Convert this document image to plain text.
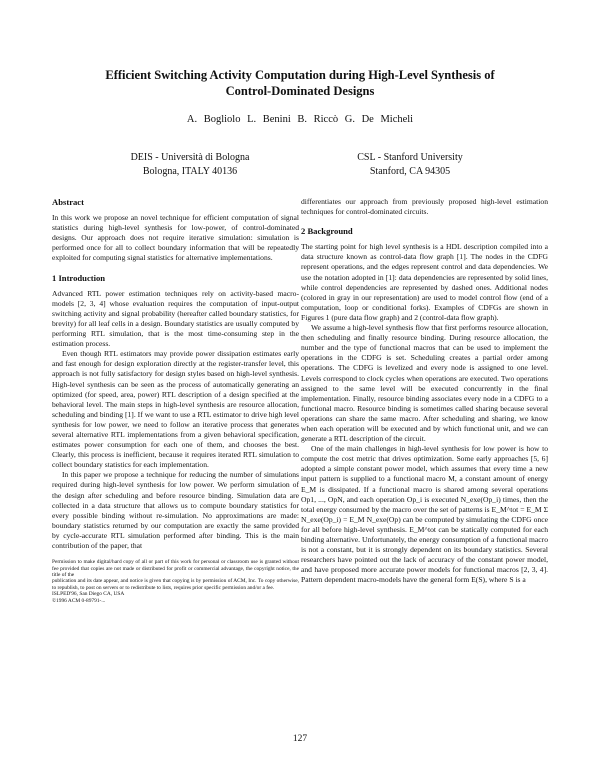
Efficient Switching Activity Computation during High-Level Synthesis of
Control-Dominated Designs
A. Bogliolo L. Benini B. Riccò G. De Micheli
DEIS - Università di Bologna
Bologna, ITALY 40136
CSL - Stanford University
Stanford, CA 94305
Abstract

In this work we propose an novel technique for efficient computation of signal statistics during high-level synthesis for low-power, of control-dominated designs. Our approach does not require iterative simulation: simulation is performed once for all to collect boundary information that will be repeatedly exploited for computing signal statistics for alternative implementations.

1 Introduction

Advanced RTL power estimation techniques rely on activity-based macro-models [2, 3, 4] whose evaluation requires the computation of input-output switching activity and signal probability (hereafter called boundary statistics, for brevity) for all leaf cells in a design. Boundary statistics are usually computed by performing RTL simulation, that is the most time-consuming step in the estimation process.

Even though RTL estimators may provide power dissipation estimates early and fast enough for design exploration directly at the register-transfer level, this approach is not fully satisfactory for design styles based on high-level synthesis. High-level synthesis can be seen as the process of automatically generating an optimized (for speed, area, power) RTL description of a design specified at the behavioral level. The main steps in high-level synthesis are resource allocation, scheduling and binding [1]. If we want to use a RTL estimator to drive high level synthesis for low power, we need to follow an iterative process that generates several alternative RTL implementations from a given behavioral specification, estimates power consumption for each one of them, and chooses the best. Clearly, this process is inefficient, because it requires iterated RTL simulation to collect boundary statistics for each implementation.

In this paper we propose a technique for reducing the number of simulations required during high-level synthesis for low power. We perform simulation of the design after scheduling and before resource binding. Simulation data are collected in a data structure that allows us to compute boundary statistics for every possible binding without re-simulation. No approximations are made: boundary statistics returned by our computation are exactly the same provided by cycle-accurate RTL simulation performed after binding. This is the main contribution of the paper, that

Permission to make digital/hard copy of all or part of this work for personal or classroom use is granted without fee provided that copies are not made or distributed for profit or commercial advantage, the copyright notice, the title of the
publication and its date appear, and notice is given that copying is by permission of ACM, Inc. To copy otherwise, to republish, to post on servers or to redistribute to lists, requires prior specific permission and/or a fee.
ISLPED'96, San Diego CA, USA
©1996 ACM 0-89791-...

differentiates our approach from previously proposed high-level estimation techniques for control-dominated circuits.

2 Background

The starting point for high level synthesis is a HDL description compiled into a data structure known as control-data flow graph [1]. The nodes in the CDFG represent operations, and the edges represent control and data dependencies. We use the notation adopted in [1]: data dependencies are represented by solid lines, while control dependencies are represented by dashed ones. Additional nodes (colored in gray in our representation) are used to model control flow (end of a computation, loop or conditional forks). Examples of CDFGs are shown in Figures 1 (pure data flow graph) and 2 (control-data flow graph).

We assume a high-level synthesis flow that first performs resource allocation, then scheduling and finally resource binding. During resource allocation, the number and the type of functional macros that can be used to implement the operations in the CDFG is set. Scheduling creates a partial order among operations. The CDFG is levelized and every node is assigned to one level. Levels correspond to clock cycles when operations are executed. Two operations assigned to the same level will be executed concurrently in the final implementation. Finally, resource binding associates every node in a CDFG to a functional macro. Resource binding is sometimes called sharing because several operations can share the same macro. After scheduling and sharing, we know when each operation will be executed and by which functional unit, and we can generate a RTL description of the circuit.

One of the main challenges in high-level synthesis for low power is how to compute the cost metric that drives optimization. Some early approaches [5, 6] adopted a simple constant power model, which assumes that every time a new input pattern is supplied to a functional macro M, a constant amount of energy E_M is dissipated. If a functional macro is shared among several operations Op1, ..., OpN, and each operation Op_i is executed N_exe(Op_i) times, then the total energy consumed by the macro over the set of patterns is E_M^tot = E_M Σ N_exe(Op_i) = E_M N_exe(Op) can be computed by simulating the CDFG once for all before high-level synthesis. E_M^tot can be statically computed for each binding alternative. Unfortunately, the energy consumption of a functional macro is not a constant, but it is strongly dependent on its boundary statistics. Several researchers have pointed out the lack of accuracy of the constant power model, and have proposed more accurate power models for functional macros [2, 3, 4]. Pattern dependent macro-models have the general form E(S), where S is a

127
